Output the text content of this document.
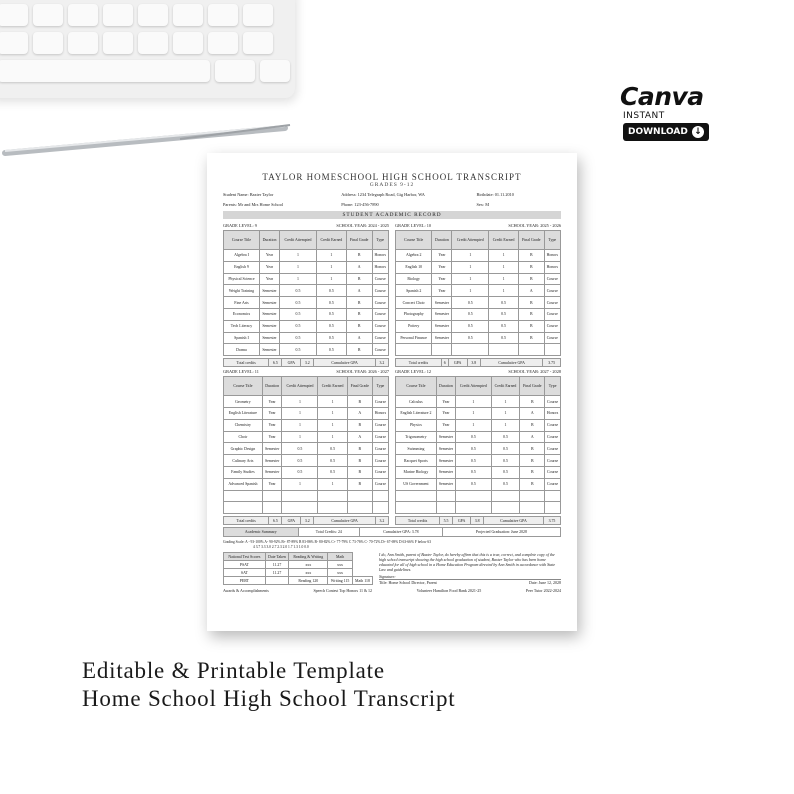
Canva
INSTANT
DOWNLOAD ↓
TAYLOR HOMESCHOOL HIGH SCHOOL TRANSCRIPT
GRADES 9-12
Student Name: Baxter Taylor	Address: 1234 Telegraph Road, Gig Harbor, WA	Birthdate: 01.11.2010
Parents: Mr and Mrs Home School	Phone: 123-456-7890	Sex: M
STUDENT ACADEMIC RECORD
GRADE LEVEL: 9	SCHOOL YEAR: 2024 - 2025
Course Title	Duration	Credit Attempted	Credit Earned	Final Grade	Type
Algebra I	Year	1	1	B	Honors
English 9	Year	1	1	A	Honors
Physical Science	Year	1	1	B	Course
Weight Training	Semester	0.5	0.5	A	Course
Fine Arts	Semester	0.5	0.5	B	Course
Economics	Semester	0.5	0.5	B	Course
Tech Literacy	Semester	0.5	0.5	B	Course
Spanish I	Semester	0.5	0.5	A	Course
Drama	Semester	0.5	0.5	B	Course
Total credits	6.5	GPA	3.2	Cumulative GPA	3.2
GRADE LEVEL: 10	SCHOOL YEAR: 2025 - 2026
Course Title	Duration	Credit Attempted	Credit Earned	Final Grade	Type
Algebra 2	Year	1	1	B	Honors
English 10	Year	1	1	B	Honors
Biology	Year	1	1	B	Course
Spanish 2	Year	1	1	A	Course
Concert Choir	Semester	0.5	0.5	B	Course
Photography	Semester	0.5	0.5	B	Course
Pottery	Semester	0.5	0.5	B	Course
Personal Finance	Semester	0.5	0.5	B	Course

Total credits	6	GPA	3.8	Cumulative GPA	3.75
GRADE LEVEL: 11	SCHOOL YEAR: 2026 - 2027
Course Title	Duration	Credit Attempted	Credit Earned	Final Grade	Type
Geometry	Year	1	1	B	Course
English Literature	Year	1	1	A	Honors
Chemistry	Year	1	1	B	Course
Choir	Year	1	1	A	Course
Graphic Design	Semester	0.5	0.5	B	Course
Culinary Arts	Semester	0.5	0.5	B	Course
Family Studies	Semester	0.5	0.5	B	Course
Advanced Spanish	Year	1	1	B	Course

Total credits	6.5	GPA	3.2	Cumulative GPA	3.2
GRADE LEVEL: 12	SCHOOL YEAR: 2027 - 2028
Course Title	Duration	Credit Attempted	Credit Earned	Final Grade	Type
Calculus	Year	1	1	B	Course
English Literature 2	Year	1	1	A	Honors
Physics	Year	1	1	B	Course
Trigonometry	Semester	0.5	0.5	A	Course
Swimming	Semester	0.5	0.5	B	Course
Racquet Sports	Semester	0.5	0.5	B	Course
Marine Biology	Semester	0.5	0.5	B	Course
US Government	Semester	0.5	0.5	B	Course

Total credits	5.5	GPA	3.8	Cumulative GPA	3.75
Academic Summary	Total Credits: 24	Cumulative GPA: 3.78	Projected Graduation: June 2028
Grading Scale: A - 93-100% A- 90-92% B+ 87-89% B 83-86% B- 80-82% C+ 77-79% C 73-76% C- 70-72% D+ 67-69% D 63-66% F below 63
4 3.7 3.3 3.0 2.7 2.3 2.0 1.7 1.3 1.0 0.0
National Test Scores	Date Taken	Reading & Writing	Math	
PSAT	11.27	xxx	xxx	
SAT	11.27	xxx	xxx	
PERT		Reading 120	Writing 115	Math 118
I do, Ann Smith, parent of Baxter Taylor, do hereby affirm that this is a true, correct, and complete copy of the high school transcript showing the high school graduation of student, Baxter Taylor who has been home educated for all of high school in a Home Education Program directed by Ann Smith in accordance with State Law and guidelines.
Signature:
Title: Home School Director, Parent	Date: June 12, 2028
Awards & Accomplishments	Speech Contest Top Honors 11 & 12	Volunteer Hamilton Food Bank 2021-25	Peer Tutor 2022-2024
Editable & Printable Template
Home School High School Transcript
